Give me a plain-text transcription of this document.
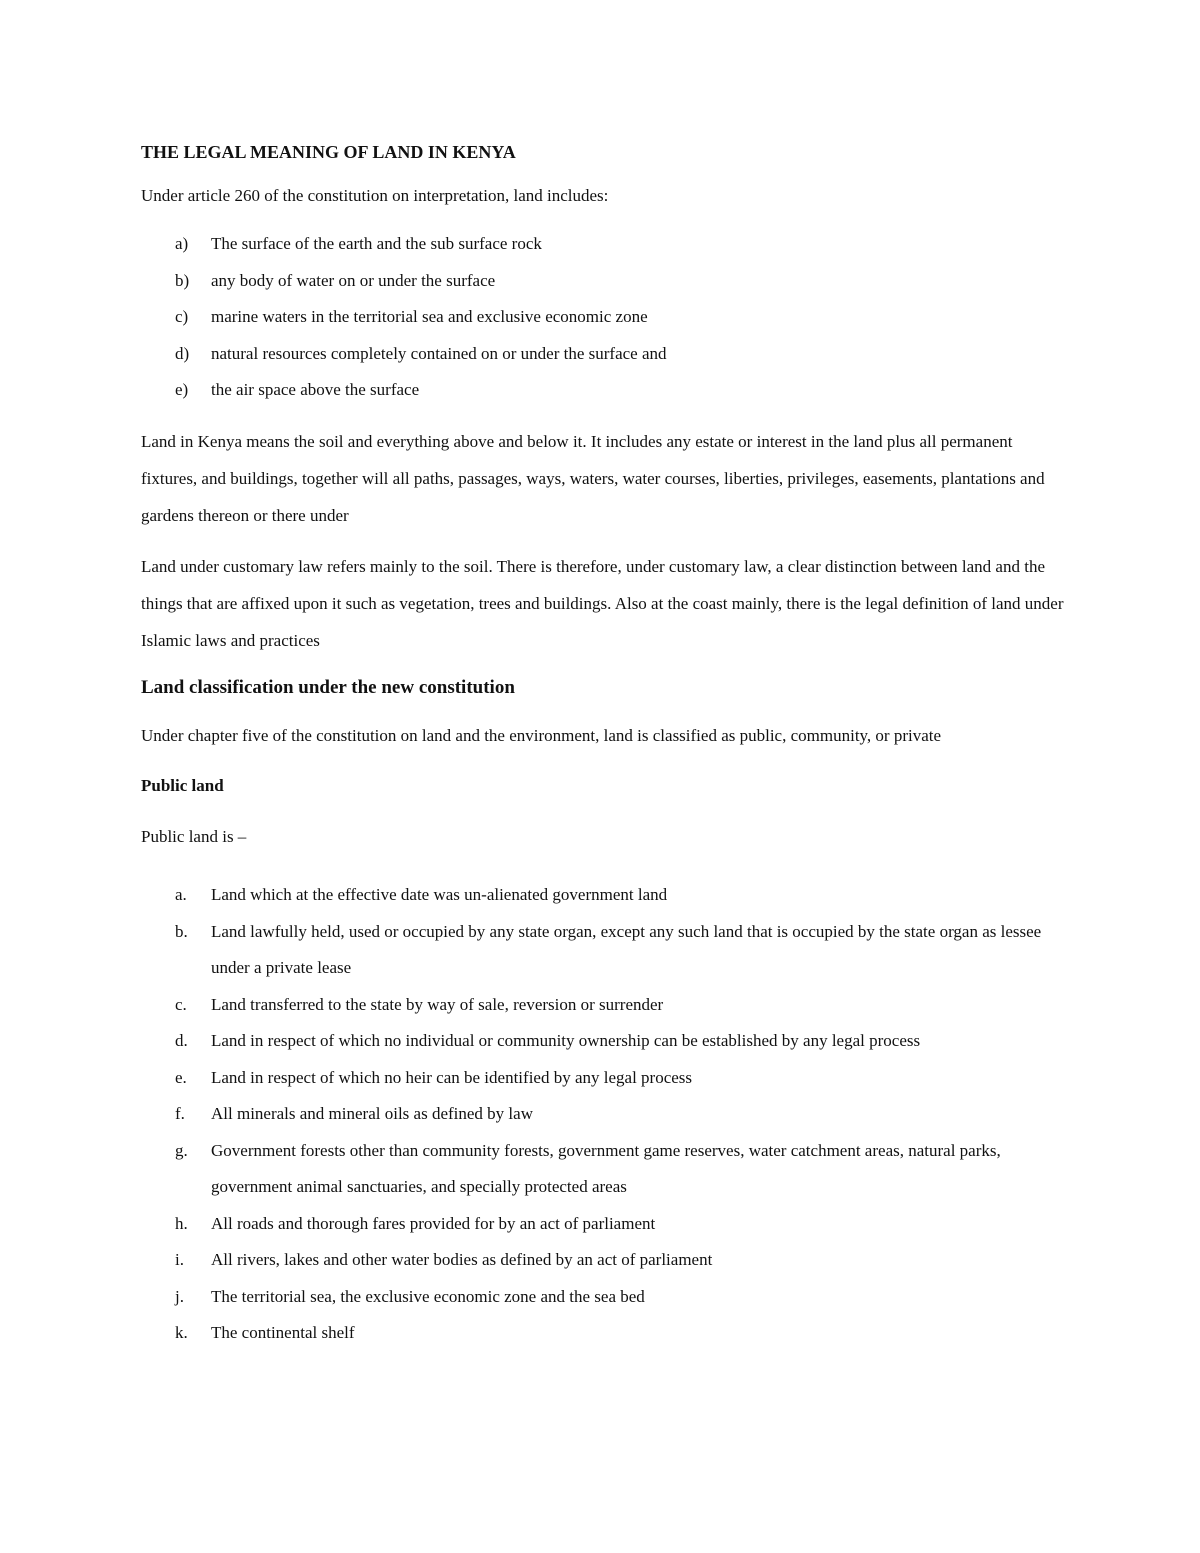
THE LEGAL MEANING OF LAND IN KENYA

Under article 260 of the constitution on interpretation, land includes:

a) The surface of the earth and the sub surface rock
b) any body of water on or under the surface
c) marine waters in the territorial sea and exclusive economic zone
d) natural resources completely contained on or under the surface and
e) the air space above the surface

Land in Kenya means the soil and everything above and below it. It includes any estate or interest in the land plus all permanent fixtures, and buildings, together will all paths, passages, ways, waters, water courses, liberties, privileges, easements, plantations and gardens thereon or there under

Land under customary law refers mainly to the soil. There is therefore, under customary law, a clear distinction between land and the things that are affixed upon it such as vegetation, trees and buildings. Also at the coast mainly, there is the legal definition of land under Islamic laws and practices

Land classification under the new constitution

Under chapter five of the constitution on land and the environment, land is classified as public, community, or private

Public land

Public land is –

a. Land which at the effective date was un-alienated government land
b. Land lawfully held, used or occupied by any state organ, except any such land that is occupied by the state organ as lessee under a private lease
c. Land transferred to the state by way of sale, reversion or surrender
d. Land in respect of which no individual or community ownership can be established by any legal process
e. Land in respect of which no heir can be identified by any legal process
f. All minerals and mineral oils as defined by law
g. Government forests other than community forests, government game reserves, water catchment areas, natural parks, government animal sanctuaries, and specially protected areas
h. All roads and thorough fares provided for by an act of parliament
i. All rivers, lakes and other water bodies as defined by an act of parliament
j. The territorial sea, the exclusive economic zone and the sea bed
k. The continental shelf
